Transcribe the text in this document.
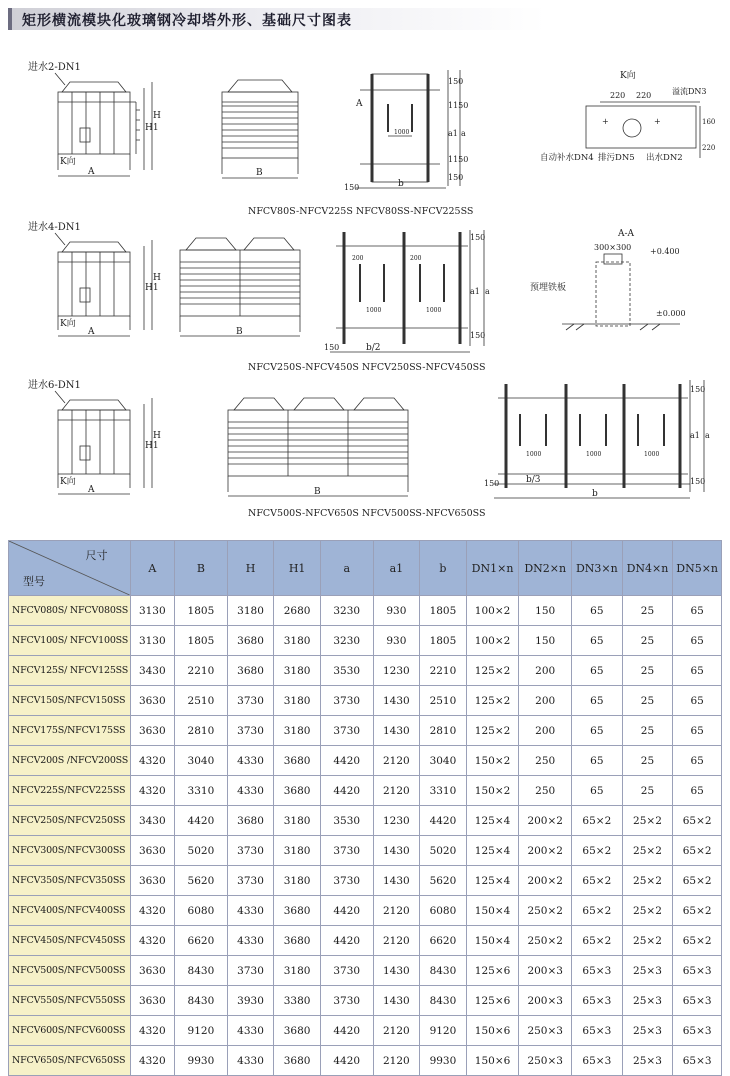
矩形横流模块化玻璃钢冷却塔外形、基础尺寸图表
进水2-DN1
H1
H
K向
A	B
1000
A
150
1150
a1
1150
150
a
150	b
K向
220 220	溢流DN3
+	+	160
220
自动补水DN4 排污DN5 出水DN2
NFCV80S-NFCV225S NFCV80SS-NFCV225SS
进水4-DN1
H1
H
K向
A	B
1000	1000
200	200
150
a1
150
a
150	b/2
A-A
300×300 +0.400
预埋铁板
±0.000
NFCV250S-NFCV450S NFCV250SS-NFCV450SS
进水6-DN1
H1
H
K向
A	B
1000	1000	1000
150
a1
150
a
150	b/3
b
NFCV500S-NFCV650S NFCV500SS-NFCV650SS
尺寸
型号	A	B	H	H1	a	a1	b	DN1×n	DN2×n	DN3×n	DN4×n	DN5×n
NFCV080S/ NFCV080SS	3130	1805	3180	2680	3230	930	1805	100×2	150	65	25	65
NFCV100S/ NFCV100SS	3130	1805	3680	3180	3230	930	1805	100×2	150	65	25	65
NFCV125S/ NFCV125SS	3430	2210	3680	3180	3530	1230	2210	125×2	200	65	25	65
NFCV150S/NFCV150SS	3630	2510	3730	3180	3730	1430	2510	125×2	200	65	25	65
NFCV175S/NFCV175SS	3630	2810	3730	3180	3730	1430	2810	125×2	200	65	25	65
NFCV200S /NFCV200SS	4320	3040	4330	3680	4420	2120	3040	150×2	250	65	25	65
NFCV225S/NFCV225SS	4320	3310	4330	3680	4420	2120	3310	150×2	250	65	25	65
NFCV250S/NFCV250SS	3430	4420	3680	3180	3530	1230	4420	125×4	200×2	65×2	25×2	65×2
NFCV300S/NFCV300SS	3630	5020	3730	3180	3730	1430	5020	125×4	200×2	65×2	25×2	65×2
NFCV350S/NFCV350SS	3630	5620	3730	3180	3730	1430	5620	125×4	200×2	65×2	25×2	65×2
NFCV400S/NFCV400SS	4320	6080	4330	3680	4420	2120	6080	150×4	250×2	65×2	25×2	65×2
NFCV450S/NFCV450SS	4320	6620	4330	3680	4420	2120	6620	150×4	250×2	65×2	25×2	65×2
NFCV500S/NFCV500SS	3630	8430	3730	3180	3730	1430	8430	125×6	200×3	65×3	25×3	65×3
NFCV550S/NFCV550SS	3630	8430	3930	3380	3730	1430	8430	125×6	200×3	65×3	25×3	65×3
NFCV600S/NFCV600SS	4320	9120	4330	3680	4420	2120	9120	150×6	250×3	65×3	25×3	65×3
NFCV650S/NFCV650SS	4320	9930	4330	3680	4420	2120	9930	150×6	250×3	65×3	25×3	65×3
